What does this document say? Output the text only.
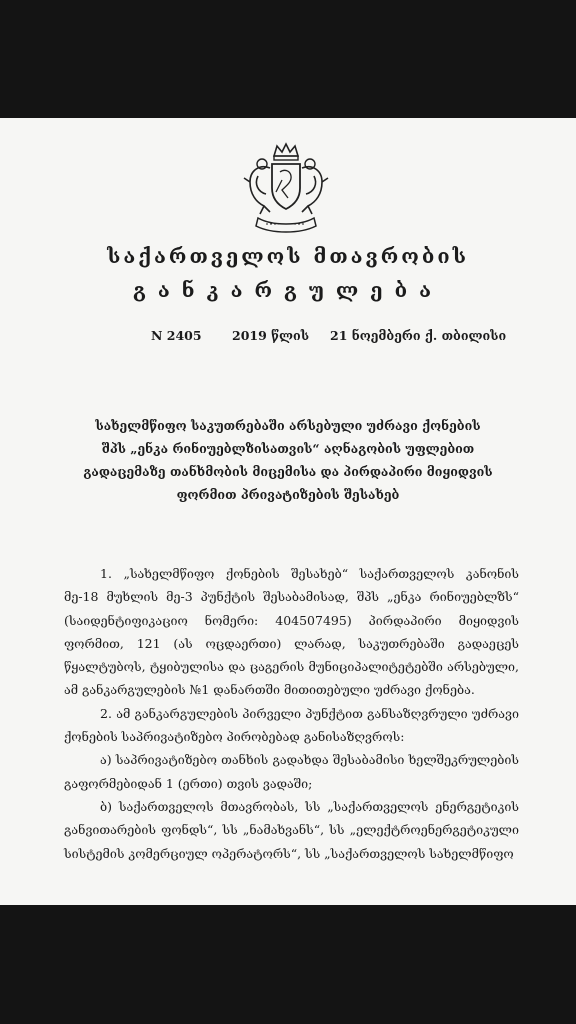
საქართველოს მთავრობის
განკარგულება
N 2405 2019 წლის 21 ნოემბერი ქ. თბილისი
სახელმწიფო საკუთრებაში არსებული უძრავი ქონების შპს „ენკა რინიუებლზისათვის“ აღნაგობის უფლებით გადაცემაზე თანხმობის მიცემისა და პირდაპირი მიყიდვის ფორმით პრივატიზების შესახებ

1. „სახელმწიფო ქონების შესახებ“ საქართველოს კანონის მე-18 მუხლის მე-3 პუნქტის შესაბამისად, შპს „ენკა რინიუებლზს“ (საიდენტიფიკაციო ნომერი: 404507495) პირდაპირი მიყიდვის ფორმით, 121 (ას ოცდაერთი) ლარად, საკუთრებაში გადაეცეს წყალტუბოს, ტყიბულისა და ცაგერის მუნიციპალიტეტებში არსებული, ამ განკარგულების №1 დანართში მითითებული უძრავი ქონება.

2. ამ განკარგულების პირველი პუნქტით განსაზღვრული უძრავი ქონების საპრივატიზებო პირობებად განისაზღვროს:

ა) საპრივატიზებო თანხის გადახდა შესაბამისი ხელშეკრულების გაფორმებიდან 1 (ერთი) თვის ვადაში;

ბ) საქართველოს მთავრობას, სს „საქართველოს ენერგეტიკის განვითარების ფონდს“, სს „ნამახვანს“, სს „ელექტროენერგეტიკული სისტემის კომერციულ ოპერატორს“, სს „საქართველოს სახელმწიფო
